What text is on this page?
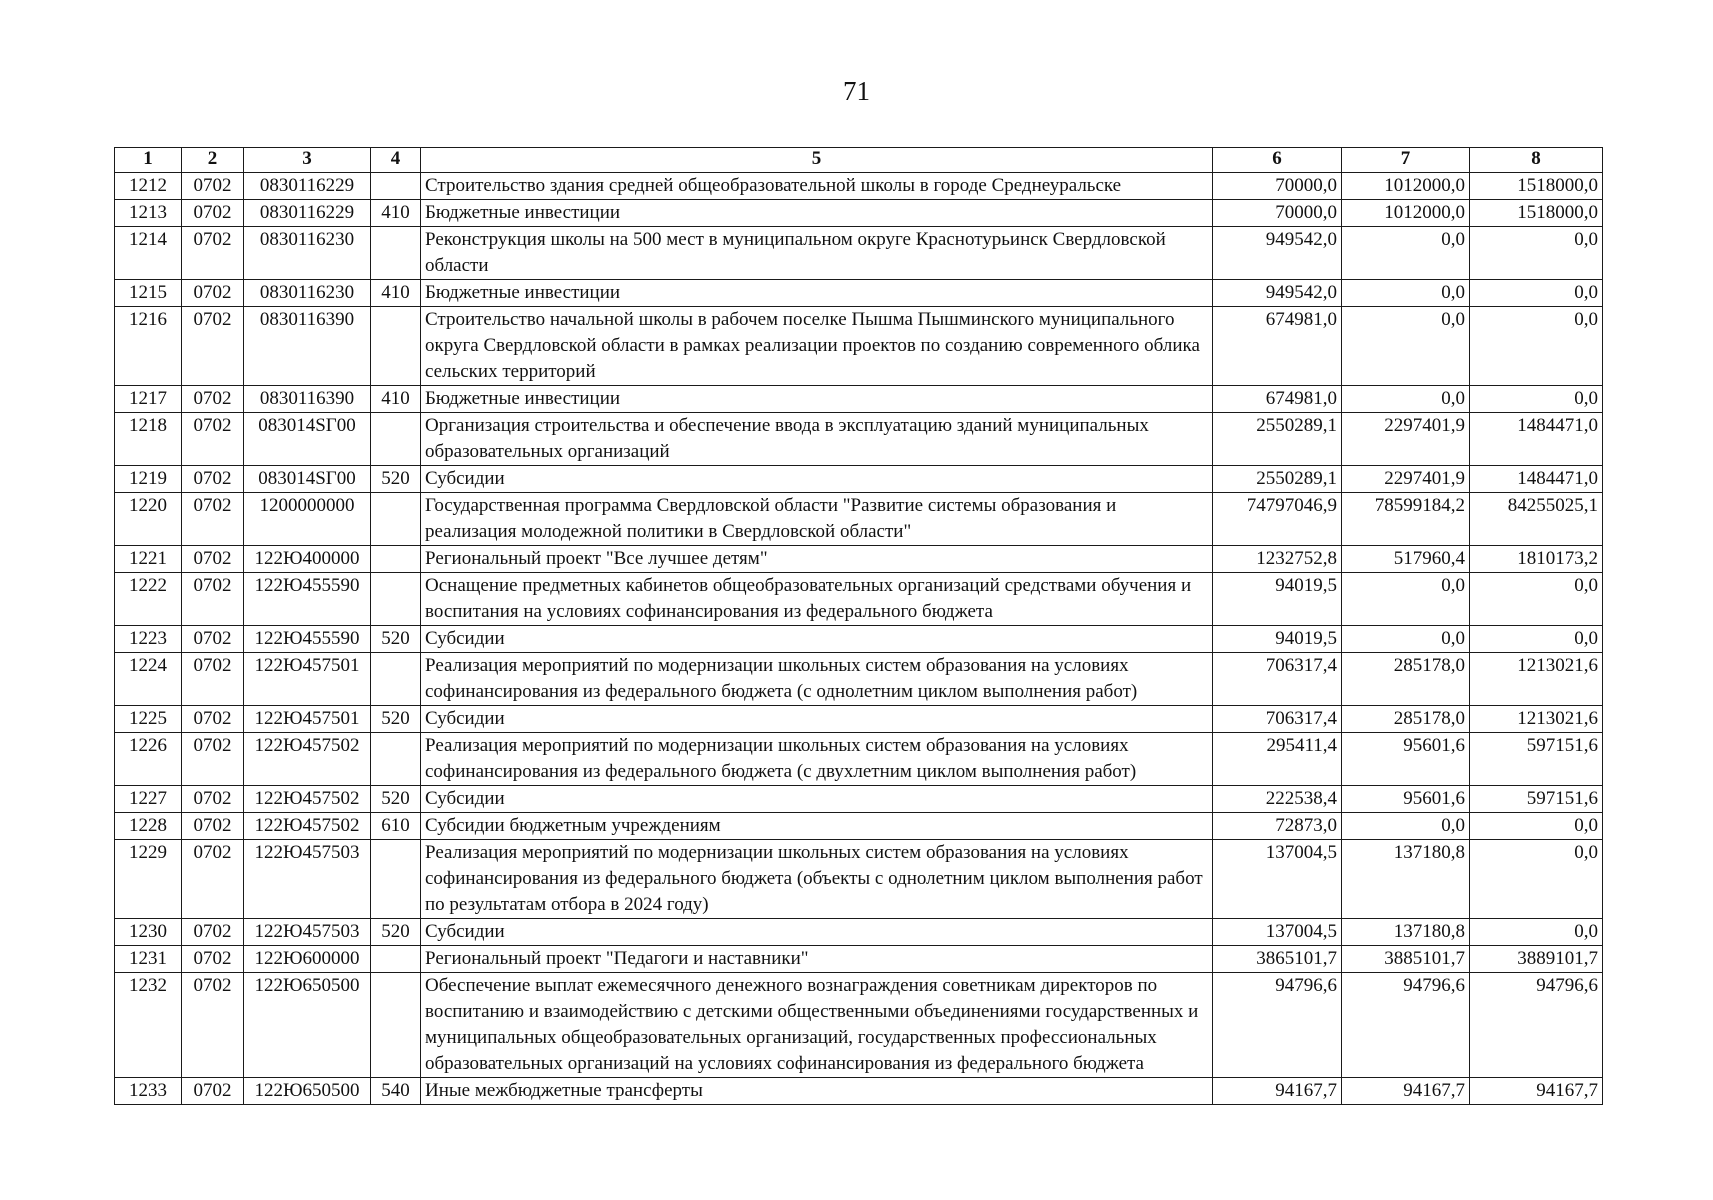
71
1	2	3	4	5	6	7	8
1212	0702	0830116229		Строительство здания средней общеобразовательной школы в городе Среднеуральске	70000,0	1012000,0	1518000,0
1213	0702	0830116229	410	Бюджетные инвестиции	70000,0	1012000,0	1518000,0
1214	0702	0830116230		Реконструкция школы на 500 мест в муниципальном округе Краснотурьинск Свердловской области	949542,0	0,0	0,0
1215	0702	0830116230	410	Бюджетные инвестиции	949542,0	0,0	0,0
1216	0702	0830116390		Строительство начальной школы в рабочем поселке Пышма Пышминского муниципального округа Свердловской области в рамках реализации проектов по созданию современного облика сельских территорий	674981,0	0,0	0,0
1217	0702	0830116390	410	Бюджетные инвестиции	674981,0	0,0	0,0
1218	0702	083014SГ00		Организация строительства и обеспечение ввода в эксплуатацию зданий муниципальных образовательных организаций	2550289,1	2297401,9	1484471,0
1219	0702	083014SГ00	520	Субсидии	2550289,1	2297401,9	1484471,0
1220	0702	1200000000		Государственная программа Свердловской области "Развитие системы образования и реализация молодежной политики в Свердловской области"	74797046,9	78599184,2	84255025,1
1221	0702	122Ю400000		Региональный проект "Все лучшее детям"	1232752,8	517960,4	1810173,2
1222	0702	122Ю455590		Оснащение предметных кабинетов общеобразовательных организаций средствами обучения и воспитания на условиях софинансирования из федерального бюджета	94019,5	0,0	0,0
1223	0702	122Ю455590	520	Субсидии	94019,5	0,0	0,0
1224	0702	122Ю457501		Реализация мероприятий по модернизации школьных систем образования на условиях софинансирования из федерального бюджета (с однолетним циклом выполнения работ)	706317,4	285178,0	1213021,6
1225	0702	122Ю457501	520	Субсидии	706317,4	285178,0	1213021,6
1226	0702	122Ю457502		Реализация мероприятий по модернизации школьных систем образования на условиях софинансирования из федерального бюджета (с двухлетним циклом выполнения работ)	295411,4	95601,6	597151,6
1227	0702	122Ю457502	520	Субсидии	222538,4	95601,6	597151,6
1228	0702	122Ю457502	610	Субсидии бюджетным учреждениям	72873,0	0,0	0,0
1229	0702	122Ю457503		Реализация мероприятий по модернизации школьных систем образования на условиях софинансирования из федерального бюджета (объекты с однолетним циклом выполнения работ по результатам отбора в 2024 году)	137004,5	137180,8	0,0
1230	0702	122Ю457503	520	Субсидии	137004,5	137180,8	0,0
1231	0702	122Ю600000		Региональный проект "Педагоги и наставники"	3865101,7	3885101,7	3889101,7
1232	0702	122Ю650500		Обеспечение выплат ежемесячного денежного вознаграждения советникам директоров по воспитанию и взаимодействию с детскими общественными объединениями государственных и муниципальных общеобразовательных организаций, государственных профессиональных образовательных организаций на условиях софинансирования из федерального бюджета	94796,6	94796,6	94796,6
1233	0702	122Ю650500	540	Иные межбюджетные трансферты	94167,7	94167,7	94167,7
